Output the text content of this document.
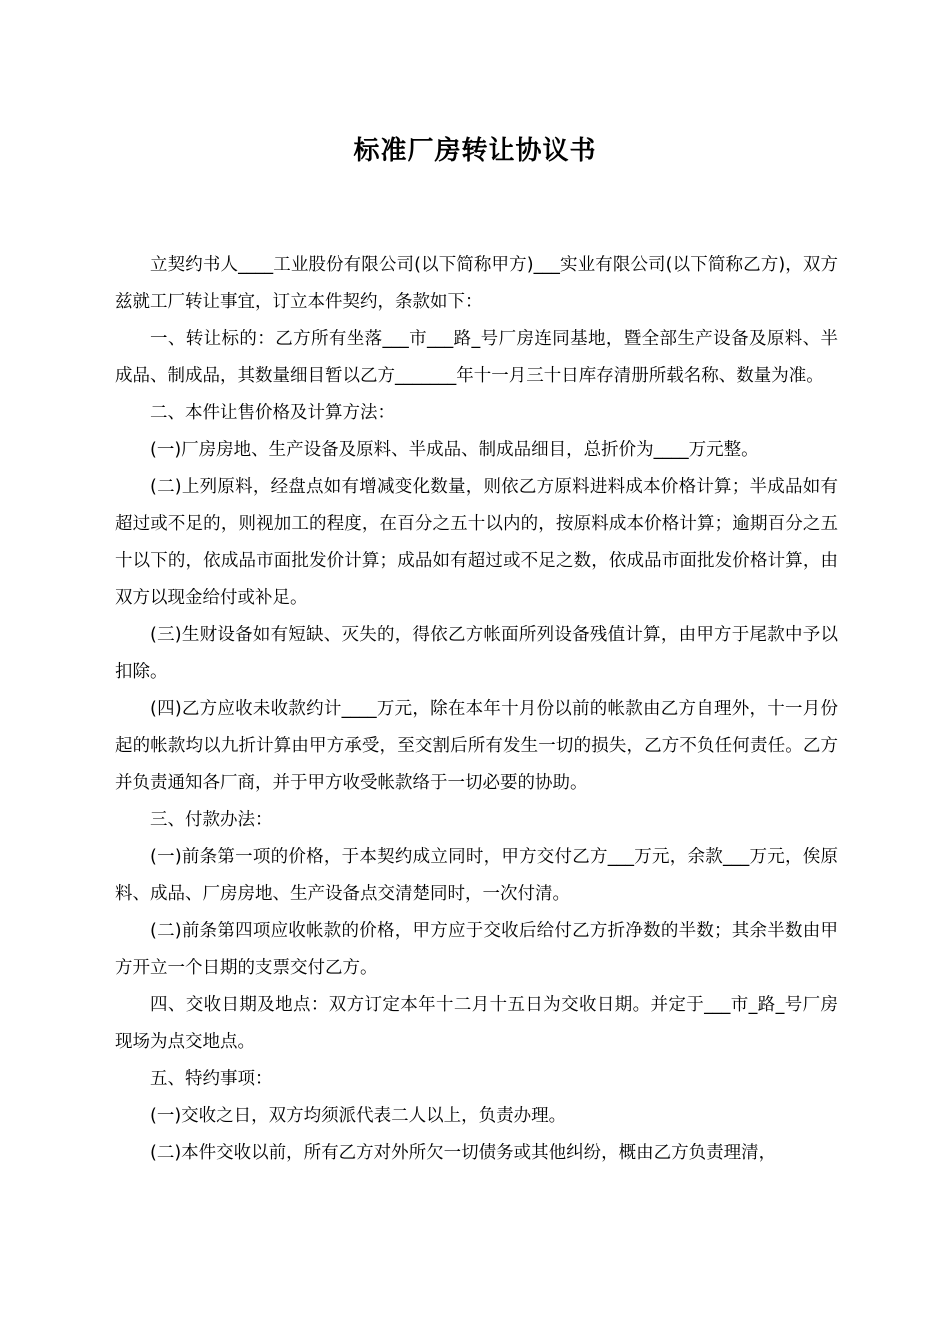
标准厂房转让协议书

立契约书人____工业股份有限公司(以下简称甲方)___实业有限公司(以下简称乙方)，双方兹就工厂转让事宜，订立本件契约，条款如下：

一、转让标的：乙方所有坐落___市___路_号厂房连同基地，暨全部生产设备及原料、半成品、制成品，其数量细目暂以乙方_______年十一月三十日库存清册所载名称、数量为准。

二、本件让售价格及计算方法：

(一)厂房房地、生产设备及原料、半成品、制成品细目，总折价为____万元整。

(二)上列原料，经盘点如有增减变化数量，则依乙方原料进料成本价格计算；半成品如有超过或不足的，则视加工的程度，在百分之五十以内的，按原料成本价格计算；逾期百分之五十以下的，依成品市面批发价计算；成品如有超过或不足之数，依成品市面批发价格计算，由双方以现金给付或补足。

(三)生财设备如有短缺、灭失的，得依乙方帐面所列设备残值计算，由甲方于尾款中予以扣除。

(四)乙方应收未收款约计____万元，除在本年十月份以前的帐款由乙方自理外，十一月份起的帐款均以九折计算由甲方承受，至交割后所有发生一切的损失，乙方不负任何责任。乙方并负责通知各厂商，并于甲方收受帐款络于一切必要的协助。

三、付款办法：

(一)前条第一项的价格，于本契约成立同时，甲方交付乙方___万元，余款___万元，俟原料、成品、厂房房地、生产设备点交清楚同时，一次付清。

(二)前条第四项应收帐款的价格，甲方应于交收后给付乙方折净数的半数；其余半数由甲方开立一个日期的支票交付乙方。

四、交收日期及地点：双方订定本年十二月十五日为交收日期。并定于___市_路_号厂房现场为点交地点。

五、特约事项：

(一)交收之日，双方均须派代表二人以上，负责办理。

(二)本件交收以前，所有乙方对外所欠一切债务或其他纠纷，概由乙方负责理清，
